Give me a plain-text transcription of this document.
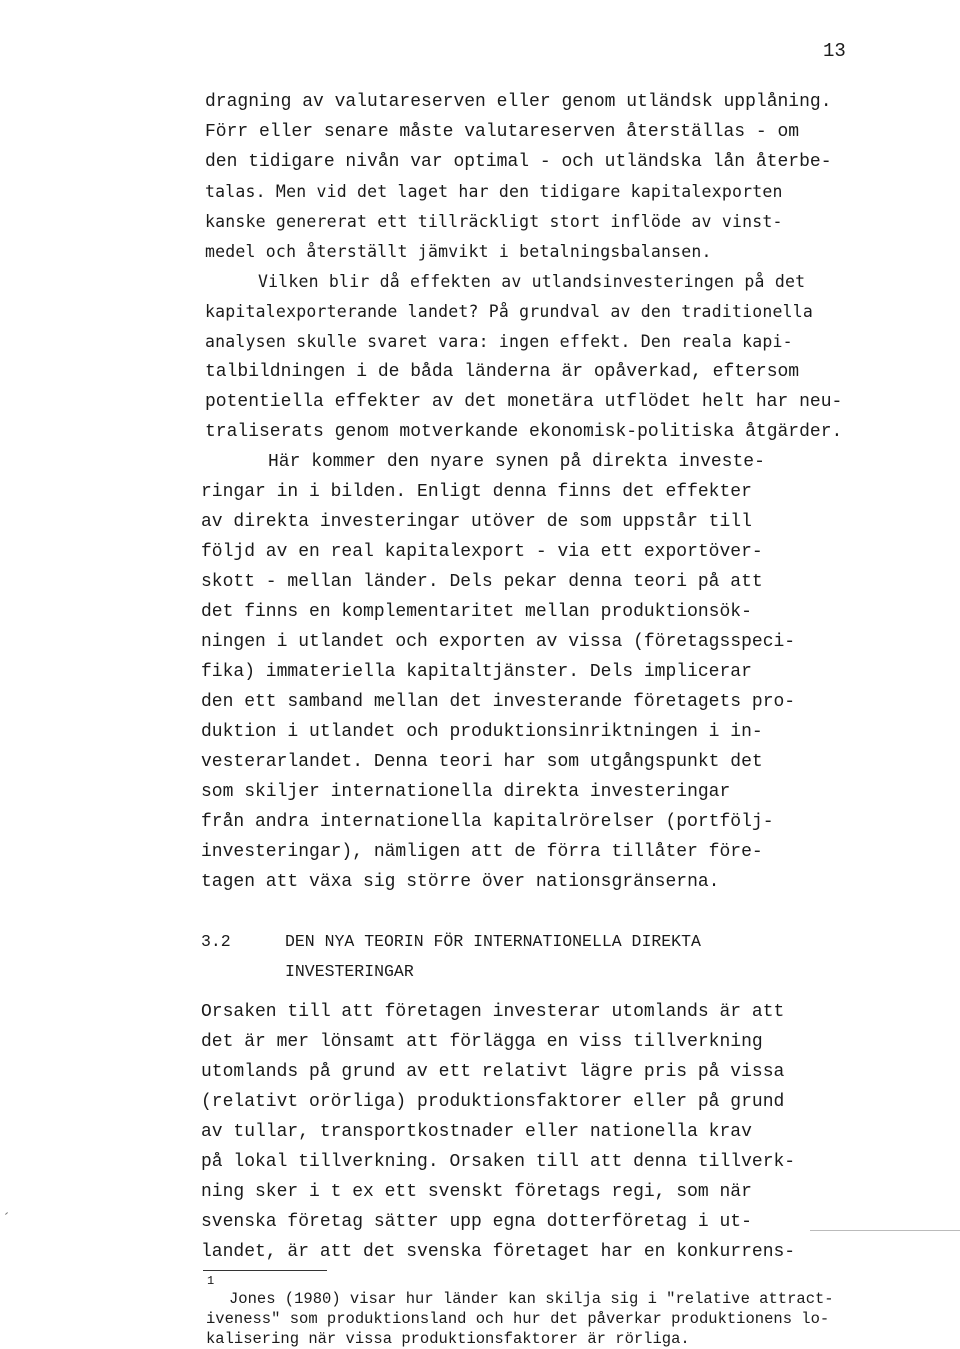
13
dragning av valutareserven eller genom utländsk upplåning.
Förr eller senare måste valutareserven återställas - om
den tidigare nivån var optimal - och utländska lån återbe-
talas. Men vid det laget har den tidigare kapitalexporten
kanske genererat ett tillräckligt stort inflöde av vinst-
medel och återställt jämvikt i betalningsbalansen.
Vilken blir då effekten av utlandsinvesteringen på det
kapitalexporterande landet? På grundval av den traditionella
analysen skulle svaret vara: ingen effekt. Den reala kapi-
talbildningen i de båda länderna är opåverkad, eftersom
potentiella effekter av det monetära utflödet helt har neu-
traliserats genom motverkande ekonomisk-politiska åtgärder.
Här kommer den nyare synen på direkta investe-
ringar in i bilden. Enligt denna finns det effekter
av direkta investeringar utöver de som uppstår till
följd av en real kapitalexport - via ett exportöver-
skott - mellan länder. Dels pekar denna teori på att
det finns en komplementaritet mellan produktionsök-
ningen i utlandet och exporten av vissa (företagsspeci-
fika) immateriella kapitaltjänster. Dels implicerar
den ett samband mellan det investerande företagets pro-
duktion i utlandet och produktionsinriktningen i in-
vesterarlandet. Denna teori har som utgångspunkt det
som skiljer internationella direkta investeringar
från andra internationella kapitalrörelser (portfölj-
investeringar), nämligen att de förra tillåter före-
tagen att växa sig större över nationsgränserna.
3.2	DEN NYA TEORIN FÖR INTERNATIONELLA DIREKTA
INVESTERINGAR
Orsaken till att företagen investerar utomlands är att
det är mer lönsamt att förlägga en viss tillverkning
utomlands på grund av ett relativt lägre pris på vissa
(relativt orörliga) produktionsfaktorer eller på grund
av tullar, transportkostnader eller nationella krav
på lokal tillverkning. Orsaken till att denna tillverk-
ning sker i t ex ett svenskt företags regi, som när
svenska företag sätter upp egna dotterföretag i ut-
landet, är att det svenska företaget har en konkurrens-
1
Jones (1980) visar hur länder kan skilja sig i "relative attract-
iveness" som produktionsland och hur det påverkar produktionens lo-
kalisering när vissa produktionsfaktorer är rörliga.
